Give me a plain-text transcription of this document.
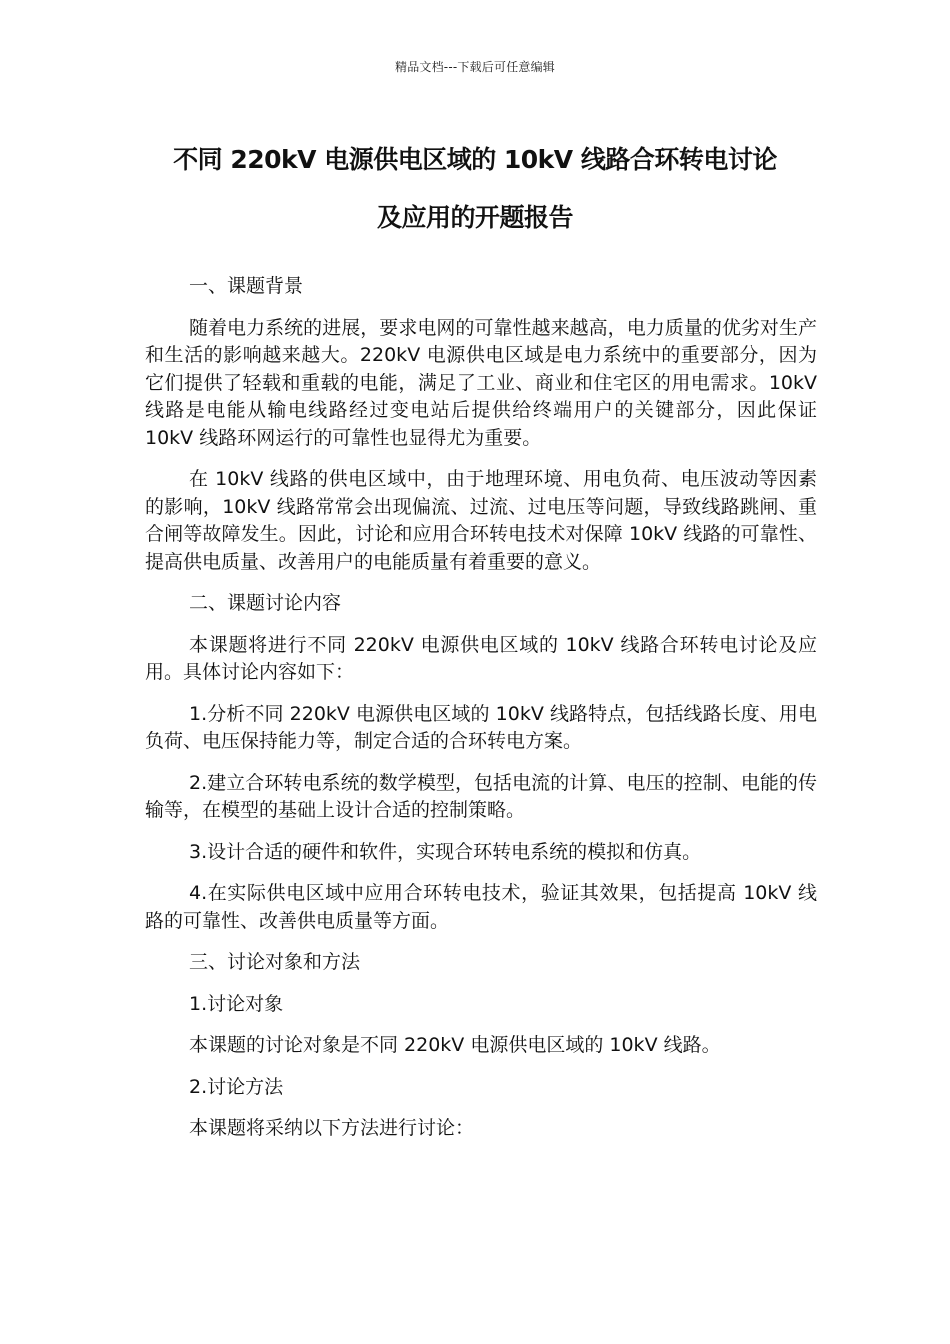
精品文档---下载后可任意编辑
不同 220kV 电源供电区域的 10kV 线路合环转电讨论
及应用的开题报告

一、课题背景

随着电力系统的进展，要求电网的可靠性越来越高，电力质量的优劣对生产和生活的影响越来越大。220kV 电源供电区域是电力系统中的重要部分，因为它们提供了轻载和重载的电能，满足了工业、商业和住宅区的用电需求。10kV 线路是电能从输电线路经过变电站后提供给终端用户的关键部分，因此保证 10kV 线路环网运行的可靠性也显得尤为重要。

在 10kV 线路的供电区域中，由于地理环境、用电负荷、电压波动等因素的影响，10kV 线路常常会出现偏流、过流、过电压等问题，导致线路跳闸、重合闸等故障发生。因此，讨论和应用合环转电技术对保障 10kV 线路的可靠性、提高供电质量、改善用户的电能质量有着重要的意义。

二、课题讨论内容

本课题将进行不同 220kV 电源供电区域的 10kV 线路合环转电讨论及应用。具体讨论内容如下：

1.分析不同 220kV 电源供电区域的 10kV 线路特点，包括线路长度、用电负荷、电压保持能力等，制定合适的合环转电方案。

2.建立合环转电系统的数学模型，包括电流的计算、电压的控制、电能的传输等，在模型的基础上设计合适的控制策略。

3.设计合适的硬件和软件，实现合环转电系统的模拟和仿真。

4.在实际供电区域中应用合环转电技术，验证其效果，包括提高 10kV 线路的可靠性、改善供电质量等方面。

三、讨论对象和方法

1.讨论对象

本课题的讨论对象是不同 220kV 电源供电区域的 10kV 线路。

2.讨论方法

本课题将采纳以下方法进行讨论：
